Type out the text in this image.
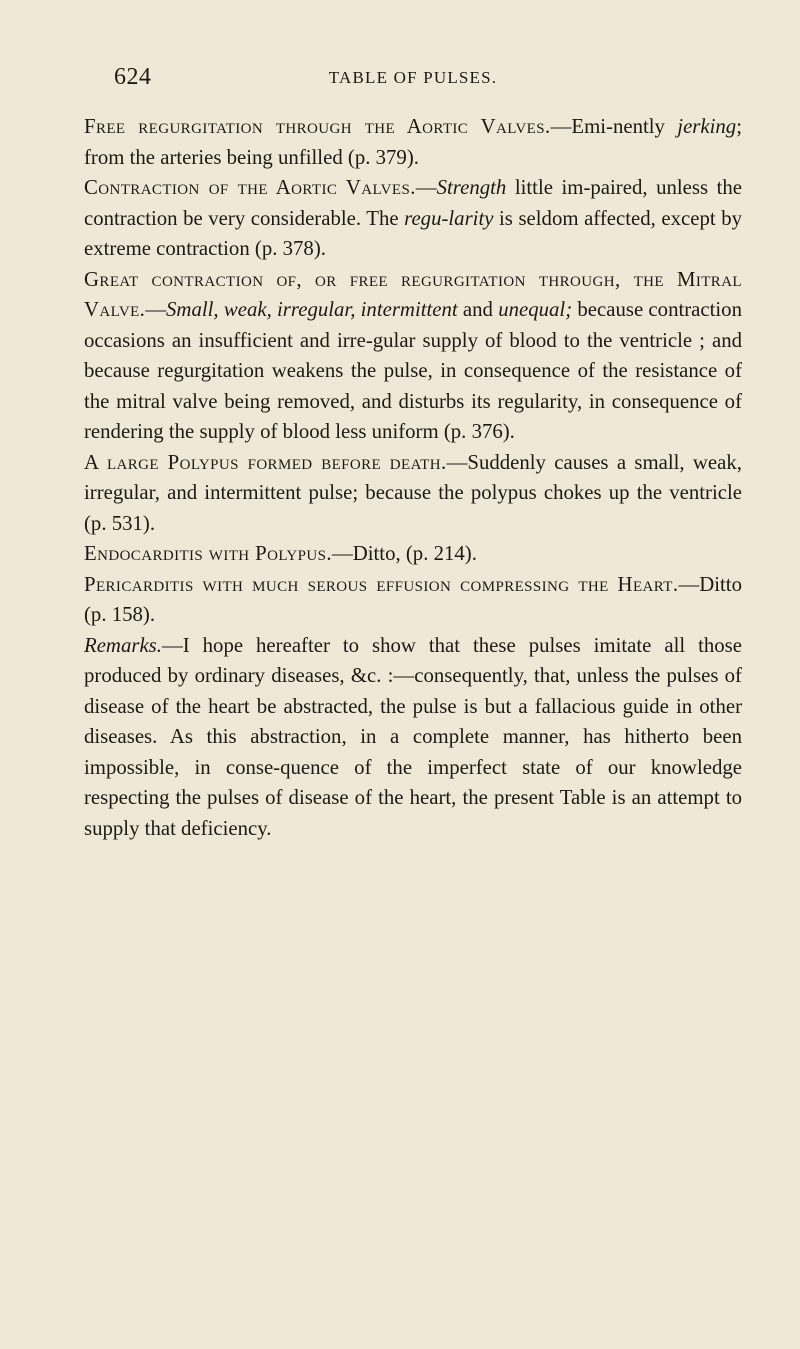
624	TABLE OF PULSES.

Free regurgitation through the Aortic Valves.—Emi-nently jerking; from the arteries being unfilled (p. 379).

Contraction of the Aortic Valves.—Strength little im-paired, unless the contraction be very considerable. The regu-larity is seldom affected, except by extreme contraction (p. 378).

Great contraction of, or free regurgitation through, the Mitral Valve.—Small, weak, irregular, intermittent and unequal; because contraction occasions an insufficient and irre-gular supply of blood to the ventricle ; and because regurgitation weakens the pulse, in consequence of the resistance of the mitral valve being removed, and disturbs its regularity, in consequence of rendering the supply of blood less uniform (p. 376).

A large Polypus formed before death.—Suddenly causes a small, weak, irregular, and intermittent pulse; because the polypus chokes up the ventricle (p. 531).

Endocarditis with Polypus.—Ditto, (p. 214).

Pericarditis with much serous effusion compressing the Heart.—Ditto (p. 158).

Remarks.—I hope hereafter to show that these pulses imitate all those produced by ordinary diseases, &c. :—consequently, that, unless the pulses of disease of the heart be abstracted, the pulse is but a fallacious guide in other diseases. As this abstraction, in a complete manner, has hitherto been impossible, in conse-quence of the imperfect state of our knowledge respecting the pulses of disease of the heart, the present Table is an attempt to supply that deficiency.
